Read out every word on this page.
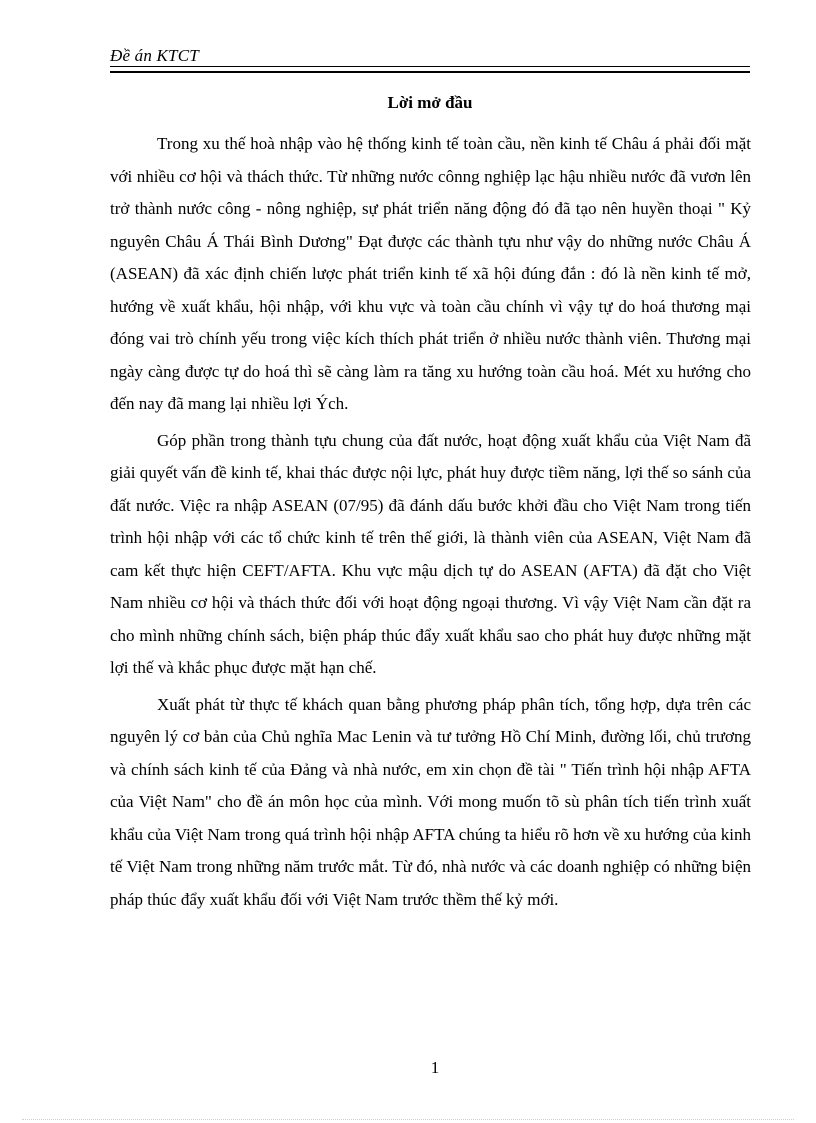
Đề án KTCT
Lời mở đầu

Trong xu thế hoà nhập vào hệ thống kinh tế toàn cầu, nền kinh tế Châu á phải đối mặt với nhiều cơ hội và thách thức. Từ những nước cônng nghiệp lạc hậu nhiều nước đã vươn lên trở thành nước công - nông nghiệp, sự phát triển năng động đó đã tạo nên huyền thoại " Kỷ nguyên Châu Á Thái Bình Dương" Đạt được các thành tựu như vậy do những nước Châu Á (ASEAN) đã xác định chiến lược phát triển kinh tế xã hội đúng đắn : đó là nền kinh tế mở, hướng về xuất khẩu, hội nhập, với khu vực và toàn cầu chính vì vậy tự do hoá thương mại đóng vai trò chính yếu trong việc kích thích phát triển ở nhiều nước thành viên. Thương mại ngày càng được tự do hoá thì sẽ càng làm ra tăng xu hướng toàn cầu hoá. Mét xu hướng cho đến nay đã mang lại nhiều lợi Ých.

Góp phần trong thành tựu chung của đất nước, hoạt động xuất khẩu của Việt Nam đã giải quyết vấn đề kinh tế, khai thác được nội lực, phát huy được tiềm năng, lợi thế so sánh của đất nước. Việc ra nhập ASEAN (07/95) đã đánh dấu bước khởi đầu cho Việt Nam trong tiến trình hội nhập với các tổ chức kinh tế trên thế giới, là thành viên của ASEAN, Việt Nam đã cam kết thực hiện CEFT/AFTA. Khu vực mậu dịch tự do ASEAN (AFTA) đã đặt cho Việt Nam nhiều cơ hội và thách thức đối với hoạt động ngoại thương. Vì vậy Việt Nam cần đặt ra cho mình những chính sách, biện pháp thúc đẩy xuất khẩu sao cho phát huy được những mặt lợi thế và khắc phục được mặt hạn chế.

Xuất phát từ thực tế khách quan bằng phương pháp phân tích, tổng hợp, dựa trên các nguyên lý cơ bản của Chủ nghĩa Mac Lenin và tư tưởng Hồ Chí Minh, đường lối, chủ trương và chính sách kinh tế của Đảng và nhà nước, em xin chọn đề tài " Tiến trình hội nhập AFTA của Việt Nam" cho đề án môn học của mình. Với mong muốn tõ sù phân tích tiến trình xuất khẩu của Việt Nam trong quá trình hội nhập AFTA chúng ta hiểu rõ hơn về xu hướng của kinh tế Việt Nam trong những năm trước mắt. Từ đó, nhà nước và các doanh nghiệp có những biện pháp thúc đẩy xuất khẩu đối với Việt Nam trước thềm thế kỷ mới.

1
